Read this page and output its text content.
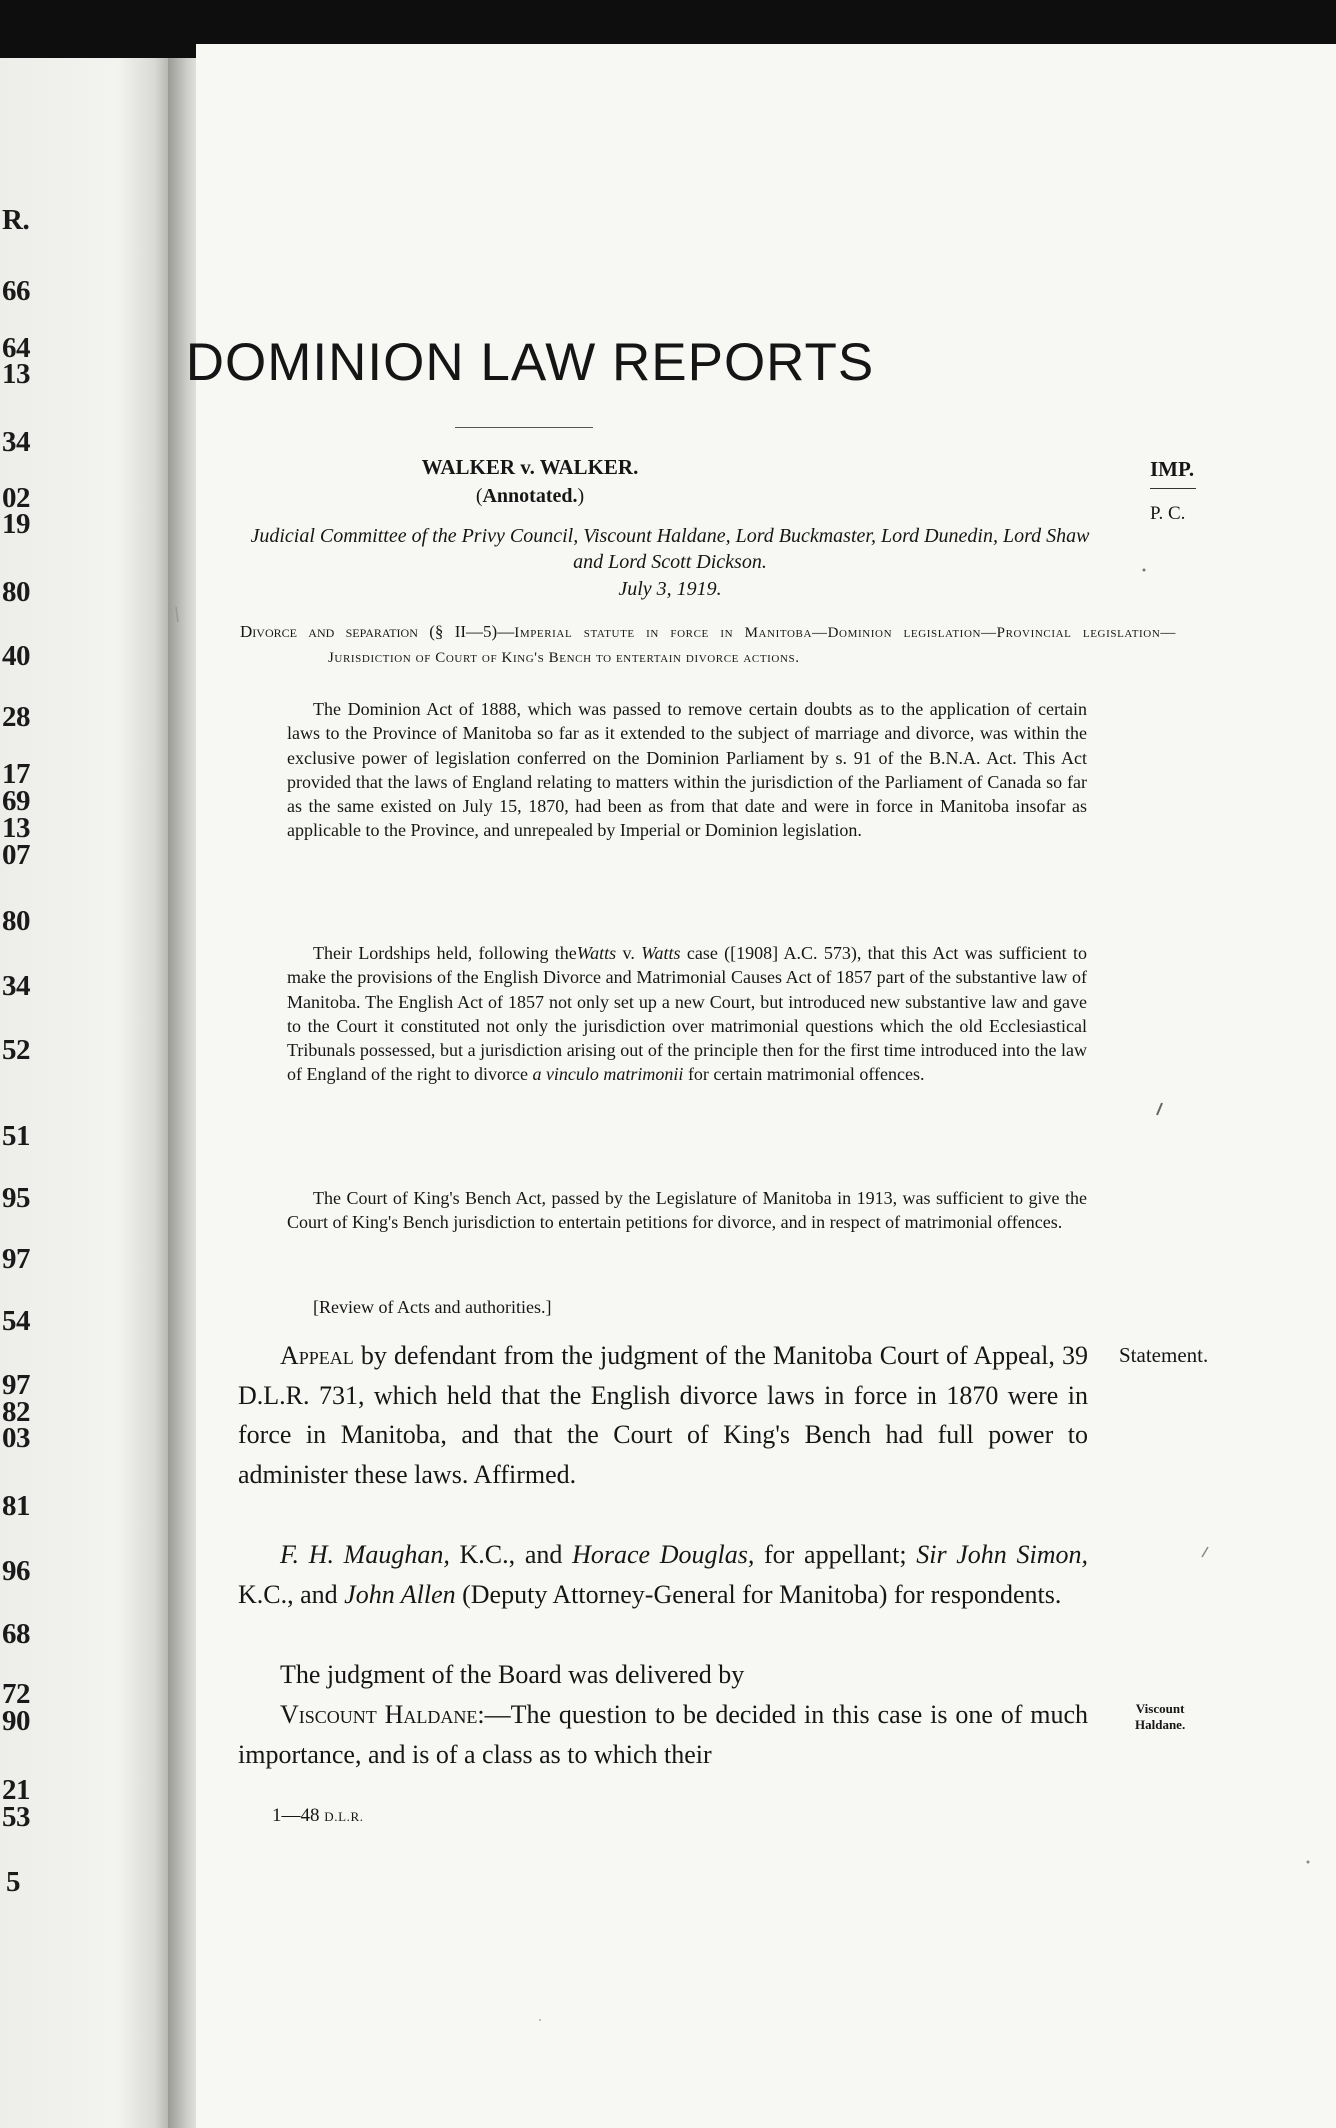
R.

66

64

13

34

02

19

80

40

28

17

69

13

07

80

34

52

51

95

97

54

97

82

03

81

96

68

72

90

21

53

5

DOMINION LAW REPORTS

WALKER v. WALKER.

(Annotated.)

Judicial Committee of the Privy Council, Viscount Haldane, Lord Buckmaster, Lord Dunedin, Lord Shaw and Lord Scott Dickson.

July 3, 1919.

Divorce and separation (§ II—5)—Imperial statute in force in Manitoba—Dominion legislation—Provincial legislation—Jurisdiction of Court of King's Bench to entertain divorce actions.

The Dominion Act of 1888, which was passed to remove certain doubts as to the application of certain laws to the Province of Manitoba so far as it extended to the subject of marriage and divorce, was within the exclusive power of legislation conferred on the Dominion Parliament by s. 91 of the B.N.A. Act. This Act provided that the laws of England relating to matters within the jurisdiction of the Parliament of Canada so far as the same existed on July 15, 1870, had been as from that date and were in force in Manitoba insofar as applicable to the Province, and unrepealed by Imperial or Dominion legislation.

Their Lordships held, following theWatts v. Watts case ([1908] A.C. 573), that this Act was sufficient to make the provisions of the English Divorce and Matrimonial Causes Act of 1857 part of the substantive law of Manitoba. The English Act of 1857 not only set up a new Court, but introduced new substantive law and gave to the Court it constituted not only the jurisdiction over matrimonial questions which the old Ecclesiastical Tribunals possessed, but a jurisdiction arising out of the principle then for the first time introduced into the law of England of the right to divorce a vinculo matrimonii for certain matrimonial offences.

The Court of King's Bench Act, passed by the Legislature of Manitoba in 1913, was sufficient to give the Court of King's Bench jurisdiction to entertain petitions for divorce, and in respect of matrimonial offences.

[Review of Acts and authorities.]

Appeal by defendant from the judgment of the Manitoba Court of Appeal, 39 D.L.R. 731, which held that the English divorce laws in force in 1870 were in force in Manitoba, and that the Court of King's Bench had full power to administer these laws. Affirmed.

F. H. Maughan, K.C., and Horace Douglas, for appellant; Sir John Simon, K.C., and John Allen (Deputy Attorney-General for Manitoba) for respondents.

The judgment of the Board was delivered by

Viscount Haldane:—The question to be decided in this case is one of much importance, and is of a class as to which their

IMP.

P. C.

Statement.

Viscount
Haldane.

1—48 D.L.R.
